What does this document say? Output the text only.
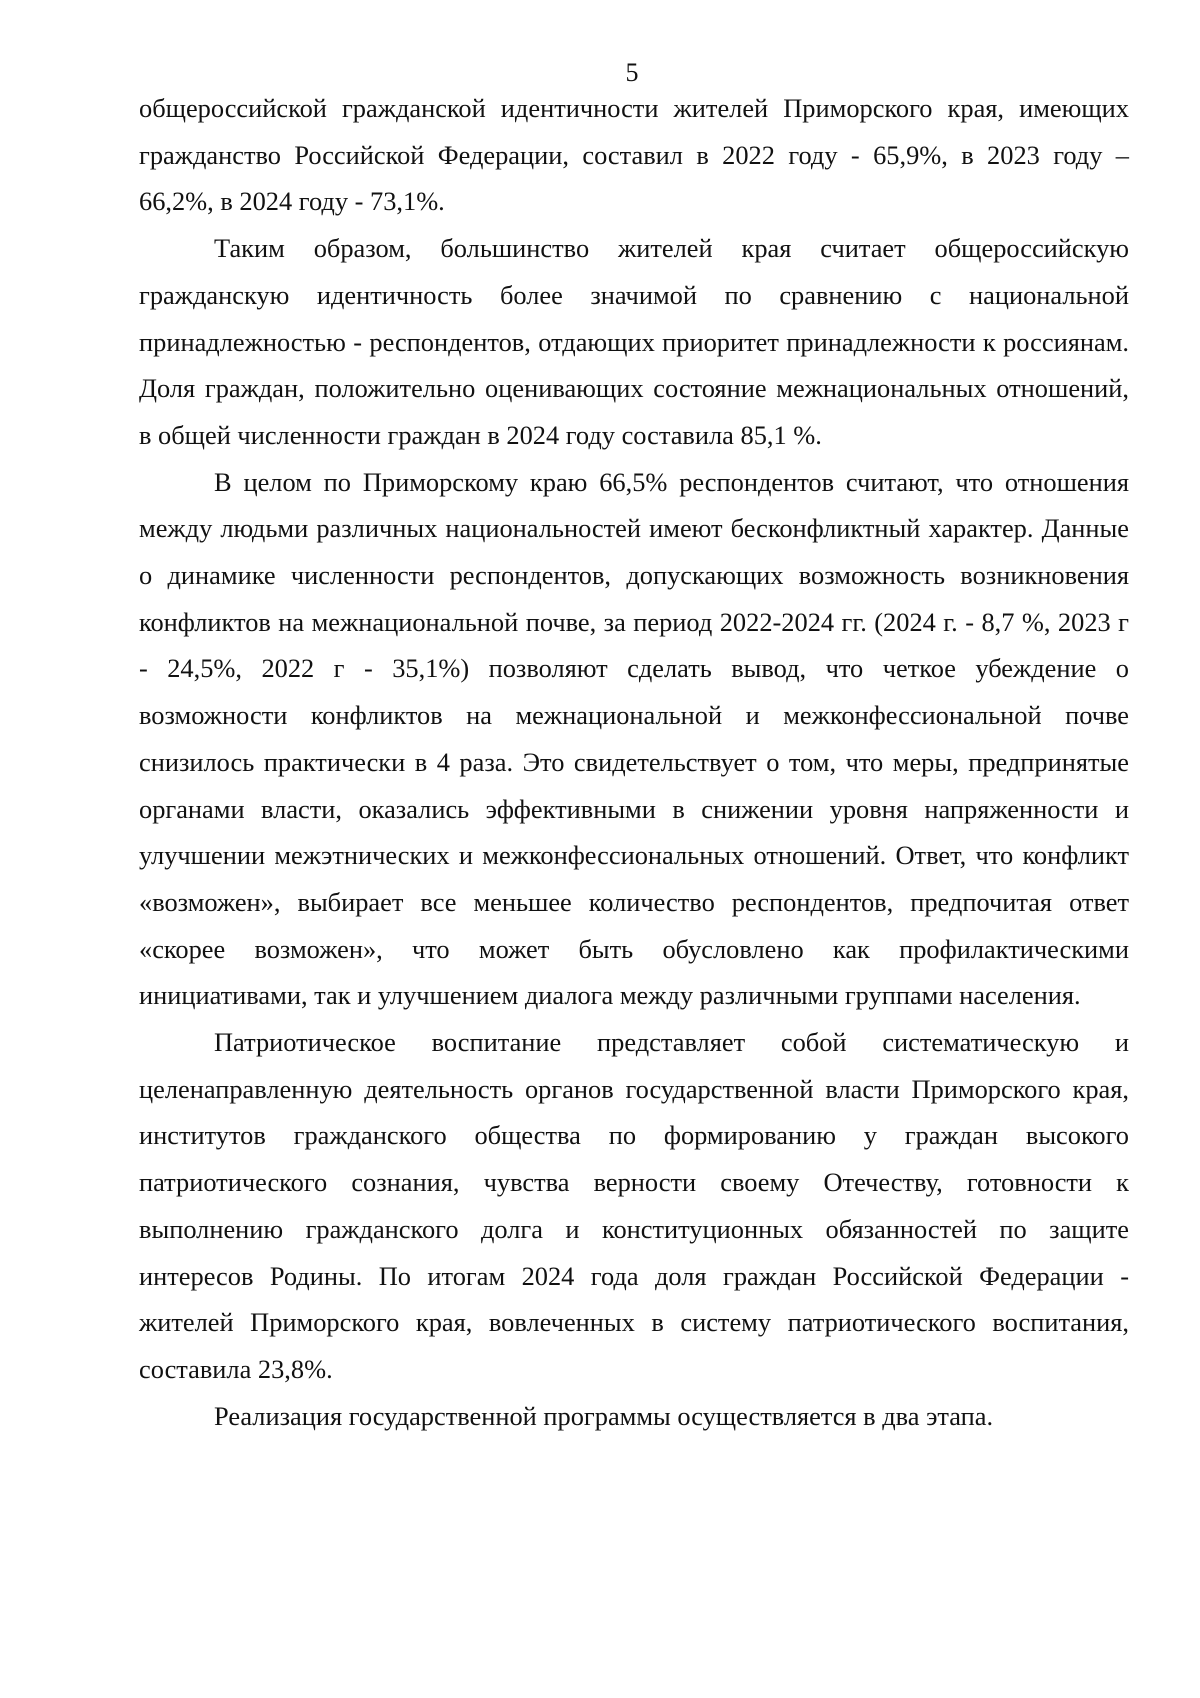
5

общероссийской гражданской идентичности жителей Приморского края, имеющих гражданство Российской Федерации, составил в 2022 году - 65,9%, в 2023 году – 66,2%, в 2024 году - 73,1%.

Таким образом, большинство жителей края считает общероссийскую гражданскую идентичность более значимой по сравнению с национальной принадлежностью - респондентов, отдающих приоритет принадлежности к россиянам. Доля граждан, положительно оценивающих состояние межнациональных отношений, в общей численности граждан в 2024 году составила 85,1 %.

В целом по Приморскому краю 66,5% респондентов считают, что отношения между людьми различных национальностей имеют бесконфликтный характер. Данные о динамике численности респондентов, допускающих возможность возникновения конфликтов на межнациональной почве, за период 2022-2024 гг. (2024 г. - 8,7 %, 2023 г - 24,5%, 2022 г - 35,1%) позволяют сделать вывод, что четкое убеждение о возможности конфликтов на межнациональной и межконфессиональной почве снизилось практически в 4 раза. Это свидетельствует о том, что меры, предпринятые органами власти, оказались эффективными в снижении уровня напряженности и улучшении межэтнических и межконфессиональных отношений. Ответ, что конфликт «возможен», выбирает все меньшее количество респондентов, предпочитая ответ «скорее возможен», что может быть обусловлено как профилактическими инициативами, так и улучшением диалога между различными группами населения.

Патриотическое воспитание представляет собой систематическую и целенаправленную деятельность органов государственной власти Приморского края, институтов гражданского общества по формированию у граждан высокого патриотического сознания, чувства верности своему Отечеству, готовности к выполнению гражданского долга и конституционных обязанностей по защите интересов Родины. По итогам 2024 года доля граждан Российской Федерации - жителей Приморского края, вовлеченных в систему патриотического воспитания, составила 23,8%.

Реализация государственной программы осуществляется в два этапа.
